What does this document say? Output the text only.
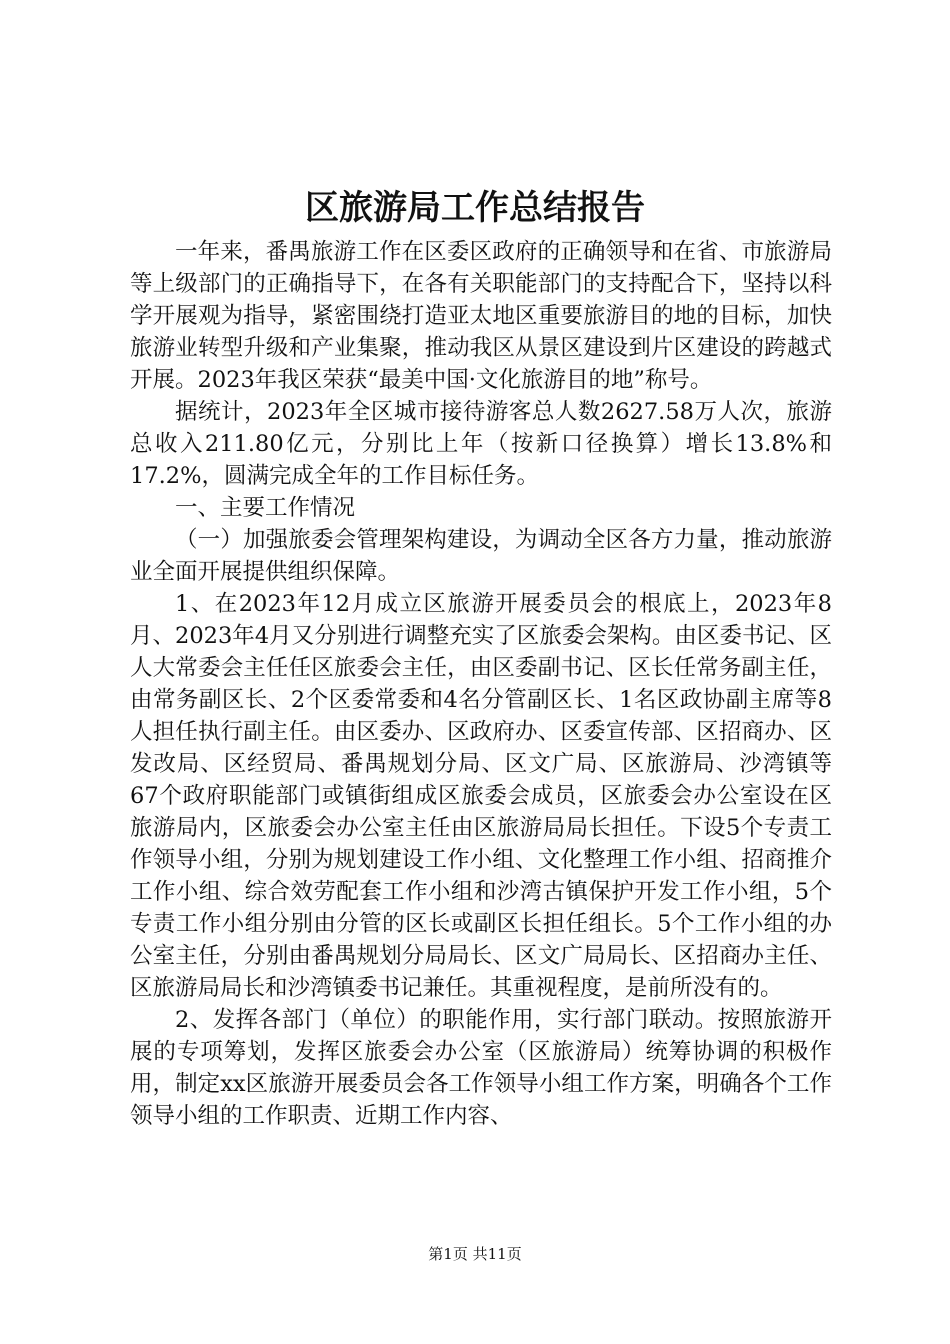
区旅游局工作总结报告

一年来，番禺旅游工作在区委区政府的正确领导和在省、市旅游局等上级部门的正确指导下，在各有关职能部门的支持配合下，坚持以科学开展观为指导，紧密围绕打造亚太地区重要旅游目的地的目标，加快旅游业转型升级和产业集聚，推动我区从景区建设到片区建设的跨越式开展。2023年我区荣获“最美中国·文化旅游目的地”称号。

据统计，2023年全区城市接待游客总人数2627.58万人次，旅游总收入211.80亿元，分别比上年（按新口径换算）增长13.8%和17.2%，圆满完成全年的工作目标任务。

一、主要工作情况

（一）加强旅委会管理架构建设，为调动全区各方力量，推动旅游业全面开展提供组织保障。

1、在2023年12月成立区旅游开展委员会的根底上，2023年8月、2023年4月又分别进行调整充实了区旅委会架构。由区委书记、区人大常委会主任任区旅委会主任，由区委副书记、区长任常务副主任，由常务副区长、2个区委常委和4名分管副区长、1名区政协副主席等8人担任执行副主任。由区委办、区政府办、区委宣传部、区招商办、区发改局、区经贸局、番禺规划分局、区文广局、区旅游局、沙湾镇等67个政府职能部门或镇街组成区旅委会成员，区旅委会办公室设在区旅游局内，区旅委会办公室主任由区旅游局局长担任。下设5个专责工作领导小组，分别为规划建设工作小组、文化整理工作小组、招商推介工作小组、综合效劳配套工作小组和沙湾古镇保护开发工作小组，5个专责工作小组分别由分管的区长或副区长担任组长。5个工作小组的办公室主任，分别由番禺规划分局局长、区文广局局长、区招商办主任、区旅游局局长和沙湾镇委书记兼任。其重视程度，是前所没有的。

2、发挥各部门（单位）的职能作用，实行部门联动。按照旅游开展的专项筹划，发挥区旅委会办公室（区旅游局）统筹协调的积极作用，制定xx区旅游开展委员会各工作领导小组工作方案，明确各个工作领导小组的工作职责、近期工作内容、

第1页 共11页
